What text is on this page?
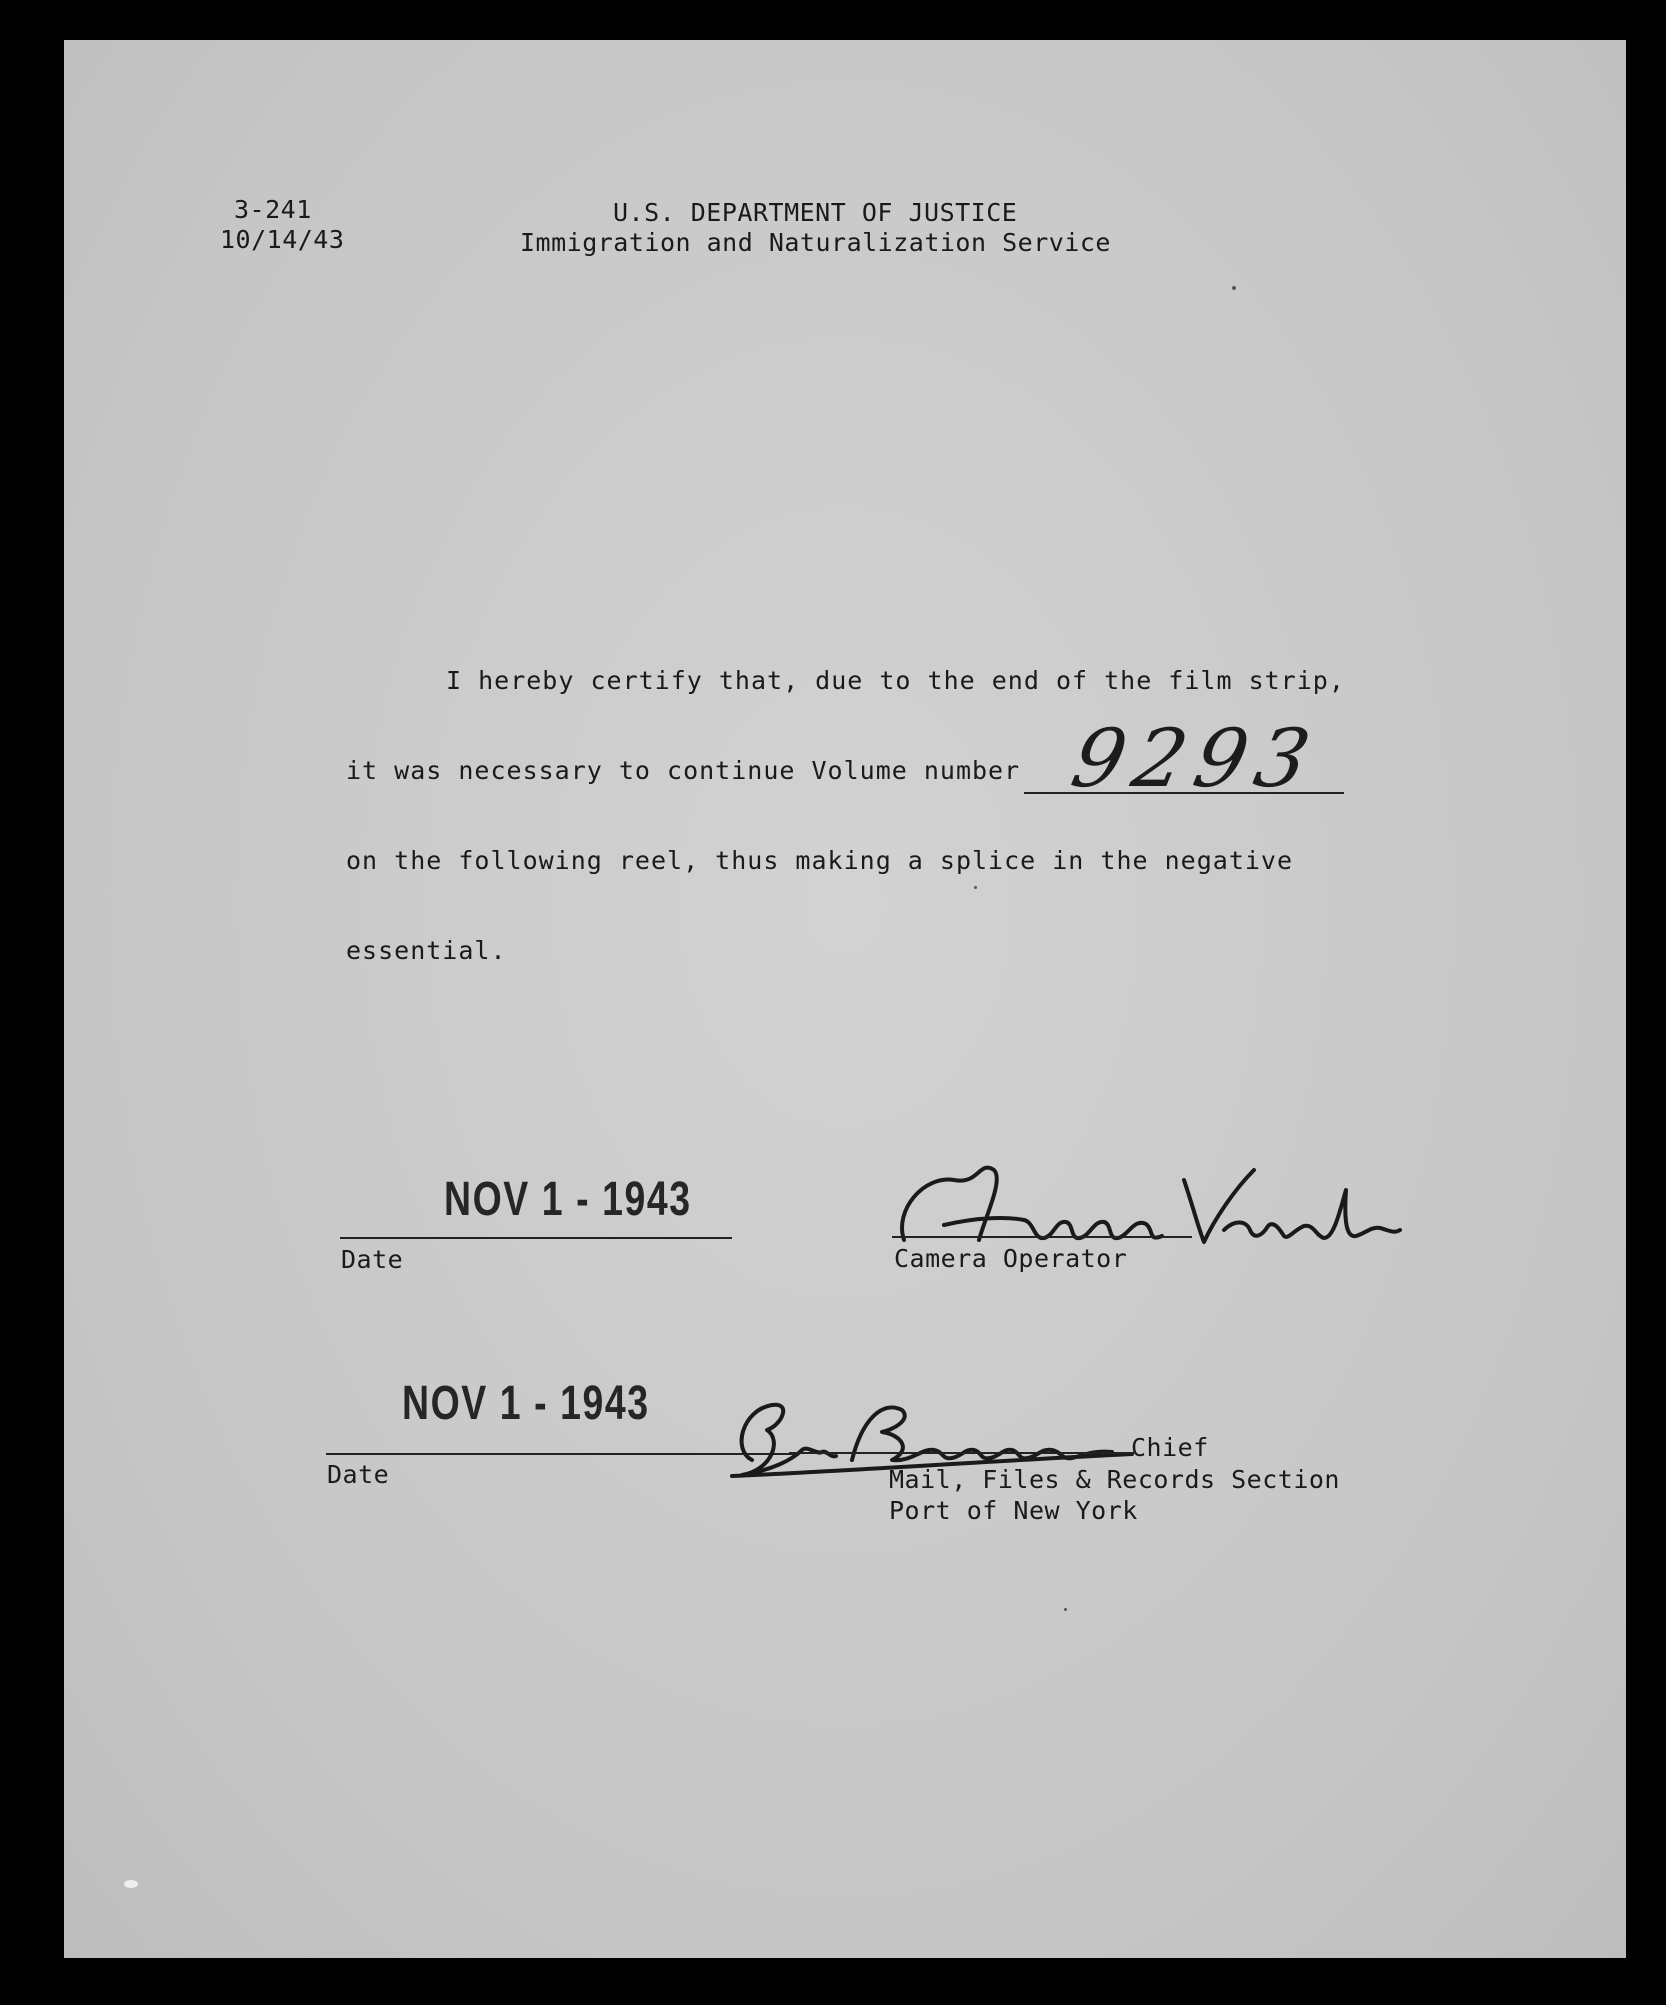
3-241
10/14/43
U.S. DEPARTMENT OF JUSTICE
Immigration and Naturalization Service
I hereby certify that, due to the end of the film strip,
it was necessary to continue Volume number 9293
on the following reel, thus making a splice in the negative
essential.
NOV 1 - 1943
Date	Camera Operator
NOV 1 - 1943
Date
Chief
Mail, Files & Records Section
Port of New York
